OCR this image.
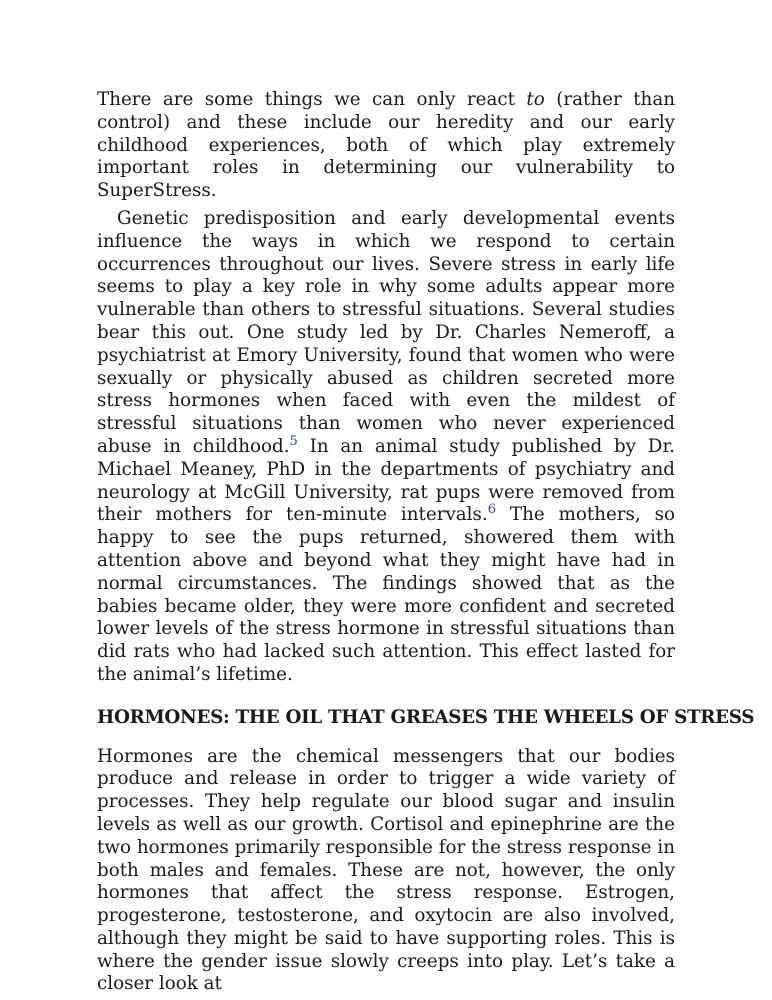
There are some things we can only react to (rather than control) and these include our heredity and our early childhood experiences, both of which play extremely important roles in determining our vulnerability to SuperStress.

Genetic predisposition and early developmental events influence the ways in which we respond to certain occurrences throughout our lives. Severe stress in early life seems to play a key role in why some adults appear more vulnerable than others to stressful situations. Several studies bear this out. One study led by Dr. Charles Nemeroff, a psychiatrist at Emory University, found that women who were sexually or physically abused as children secreted more stress hormones when faced with even the mildest of stressful situations than women who never experienced abuse in childhood.$^5$ In an animal study published by Dr. Michael Meaney, PhD in the departments of psychiatry and neurology at McGill University, rat pups were removed from their mothers for ten-minute intervals.$^6$ The mothers, so happy to see the pups returned, showered them with attention above and beyond what they might have had in normal circumstances. The findings showed that as the babies became older, they were more confident and secreted lower levels of the stress hormone in stressful situations than did rats who had lacked such attention. This effect lasted for the animal’s lifetime.

HORMONES: THE OIL THAT GREASES THE WHEELS OF STRESS

Hormones are the chemical messengers that our bodies produce and release in order to trigger a wide variety of processes. They help regulate our blood sugar and insulin levels as well as our growth. Cortisol and epinephrine are the two hormones primarily responsible for the stress response in both males and females. These are not, however, the only hormones that affect the stress response. Estrogen, progesterone, testosterone, and oxytocin are also involved, although they might be said to have supporting roles. This is where the gender issue slowly creeps into play. Let’s take a closer look at
